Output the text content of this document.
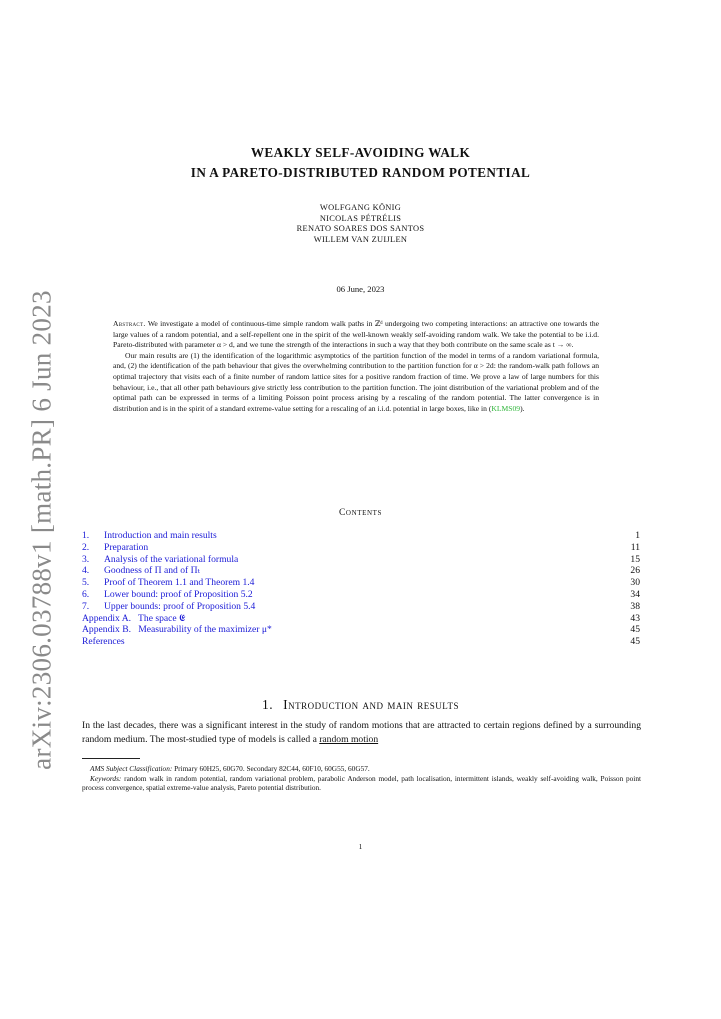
arXiv:2306.03788v1 [math.PR] 6 Jun 2023
WEAKLY SELF-AVOIDING WALK
IN A PARETO-DISTRIBUTED RANDOM POTENTIAL
WOLFGANG KÖNIG
NICOLAS PÉTRÉLIS
RENATO SOARES DOS SANTOS
WILLEM VAN ZUIJLEN
06 June, 2023

Abstract. We investigate a model of continuous-time simple random walk paths in ℤᵈ undergoing two competing interactions: an attractive one towards the large values of a random potential, and a self-repellent one in the spirit of the well-known weakly self-avoiding random walk. We take the potential to be i.i.d. Pareto-distributed with parameter α > d, and we tune the strength of the interactions in such a way that they both contribute on the same scale as t → ∞.

Our main results are (1) the identification of the logarithmic asymptotics of the partition function of the model in terms of a random variational formula, and, (2) the identification of the path behaviour that gives the overwhelming contribution to the partition function for α > 2d: the random-walk path follows an optimal trajectory that visits each of a finite number of random lattice sites for a positive random fraction of time. We prove a law of large numbers for this behaviour, i.e., that all other path behaviours give strictly less contribution to the partition function. The joint distribution of the variational problem and of the optimal path can be expressed in terms of a limiting Poisson point process arising by a rescaling of the random potential. The latter convergence is in distribution and is in the spirit of a standard extreme-value setting for a rescaling of an i.i.d. potential in large boxes, like in (KLMS09).

Contents
1. Introduction and main results	1
2. Preparation	11
3. Analysis of the variational formula	15
4. Goodness of Π and of Πₜ	26
5. Proof of Theorem 1.1 and Theorem 1.4	30
6. Lower bound: proof of Proposition 5.2	34
7. Upper bounds: proof of Proposition 5.4	38
Appendix A.   The space 𝕰	43
Appendix B.   Measurability of the maximizer μ*	45
References	45
1. Introduction and main results

In the last decades, there was a significant interest in the study of random motions that are attracted to certain regions defined by a surrounding random medium. The most-studied type of models is called a random motion

AMS Subject Classification: Primary 60H25, 60G70. Secondary 82C44, 60F10, 60G55, 60G57.

Keywords: random walk in random potential, random variational problem, parabolic Anderson model, path localisation, intermittent islands, weakly self-avoiding walk, Poisson point process convergence, spatial extreme-value analysis, Pareto potential distribution.

1
